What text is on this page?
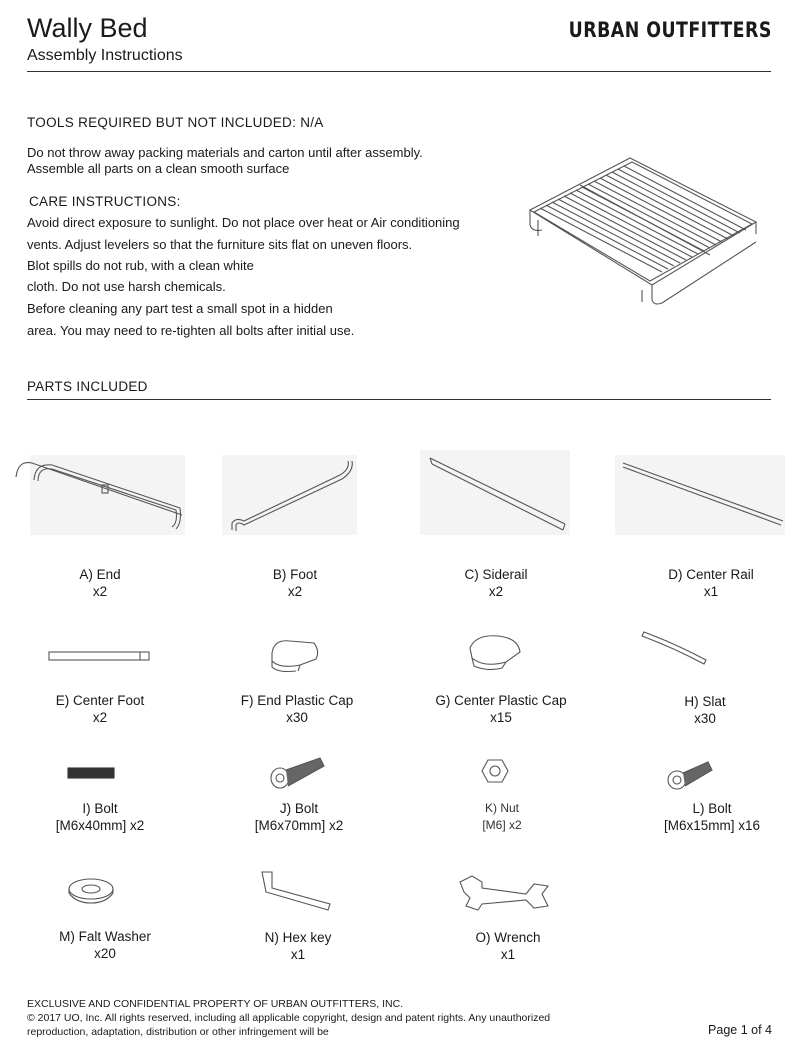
Wally Bed
Assembly Instructions
URBAN OUTFITTERS
TOOLS REQUIRED BUT NOT INCLUDED: N/A
Do not throw away packing materials and carton until after assembly.
Assemble all parts on a clean smooth surface
CARE INSTRUCTIONS:
Avoid direct exposure to sunlight. Do not place over heat or Air conditioning
vents. Adjust levelers so that the furniture sits flat on uneven floors.
Blot spills do not rub, with a clean white
cloth. Do not use harsh chemicals.
Before cleaning any part test a small spot in a hidden
area. You may need to re-tighten all bolts after initial use.
PARTS INCLUDED
A) End
x2
B) Foot
x2
C) Siderail
x2
D) Center Rail
x1
E) Center Foot
x2
F) End Plastic Cap
x30
G) Center Plastic Cap
x15
H) Slat
x30
I) Bolt
[M6x40mm] x2
J) Bolt
[M6x70mm] x2
K) Nut
[M6] x2
L) Bolt
[M6x15mm] x16
M) Falt Washer
x20
N) Hex key
x1
O) Wrench
x1
EXCLUSIVE AND CONFIDENTIAL PROPERTY OF URBAN OUTFITTERS, INC.
© 2017 UO, Inc. All rights reserved, including all applicable copyright, design and patent rights. Any unauthorized
reproduction, adaptation, distribution or other infringement will be	Page 1 of 4
